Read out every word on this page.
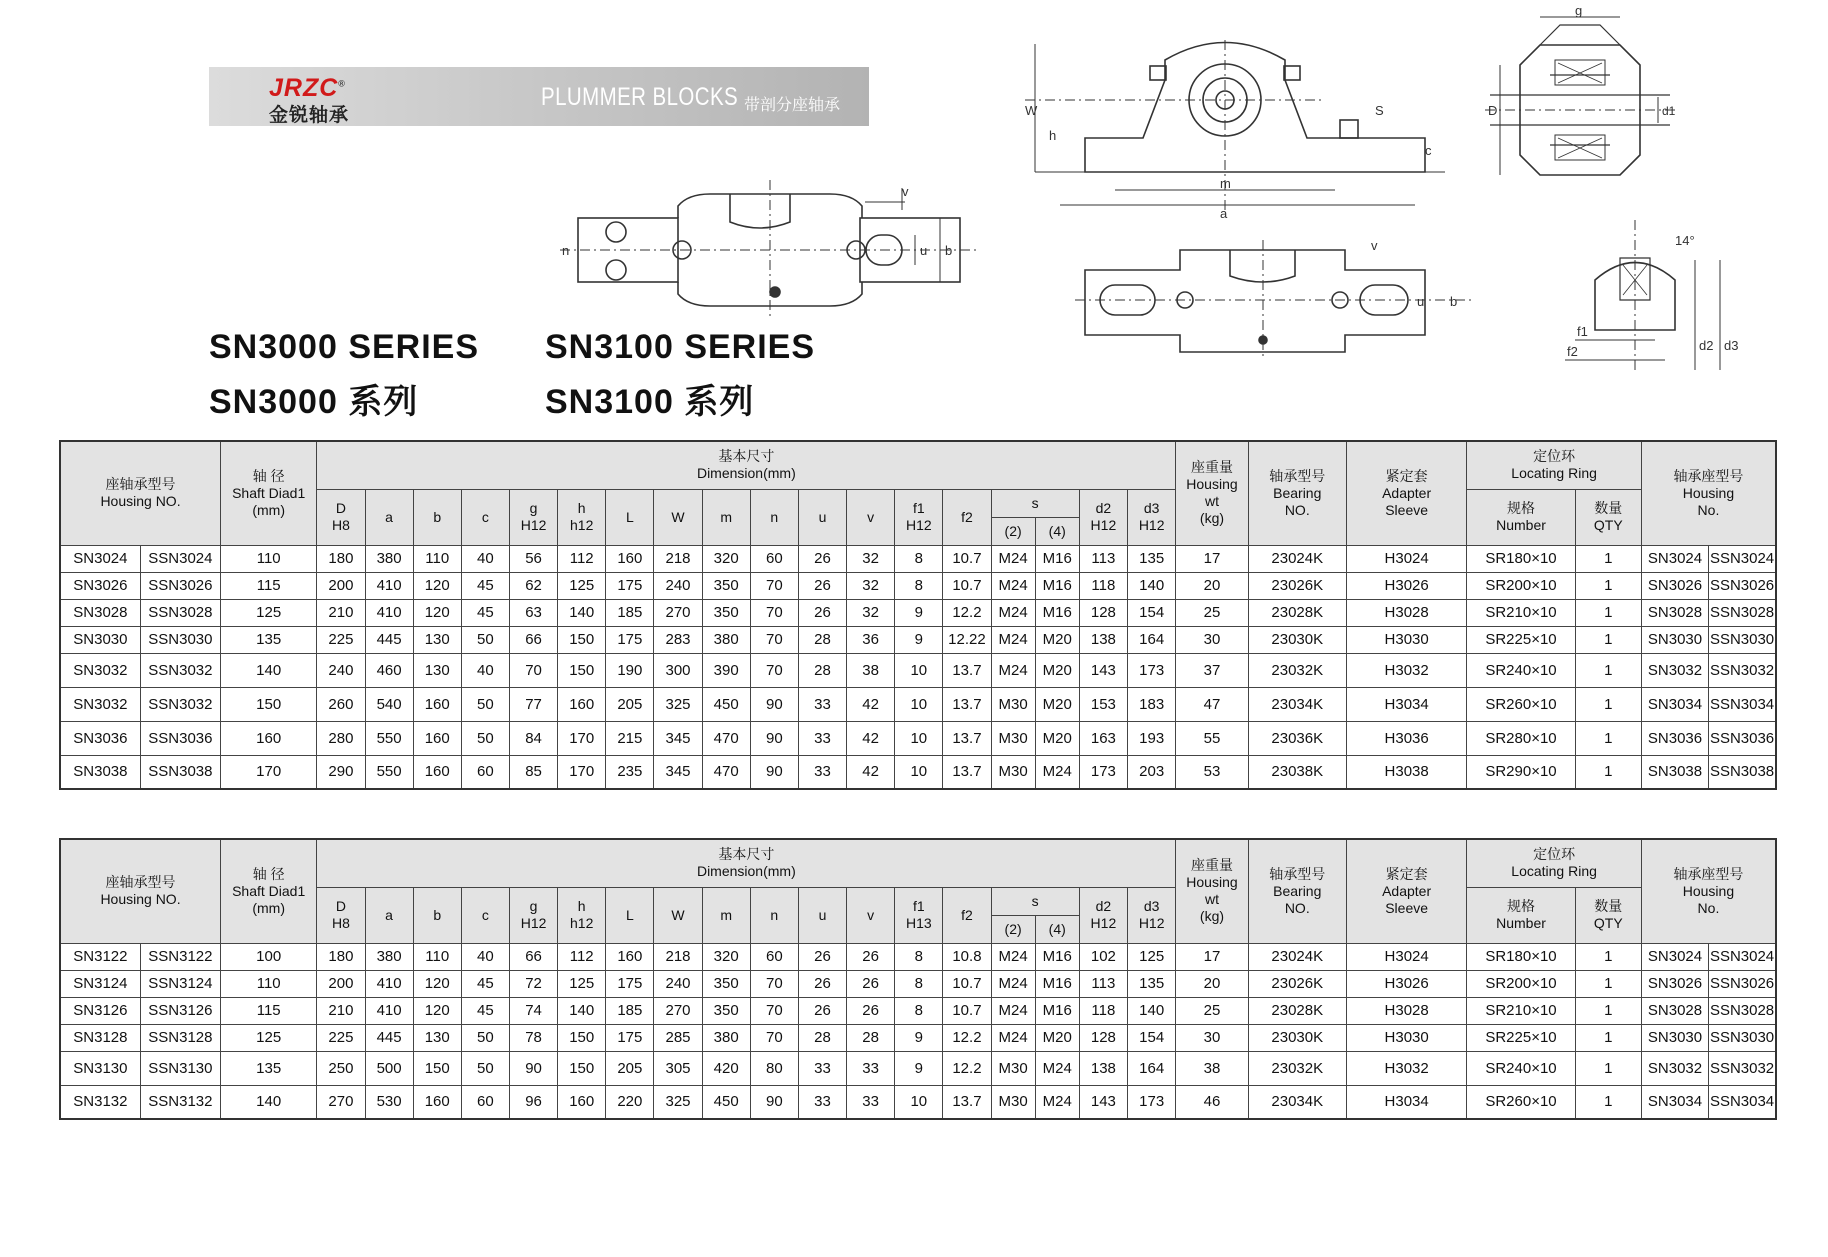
JRZC®
金锐轴承
PLUMMER BLOCKS 带剖分座轴承
SN3000 SERIES SN3100 SERIES
SN3000 系列	SN3100 系列
v
u b
n
W
h
S
c
m
a
g
D	d1
v
u b
14°
f1
f2	d2 d3
座轴承型号
Housing NO.		轴 径
Shaft Diad1
(mm)	基本尺寸
Dimension(mm)																		座重量
Housing
wt
(kg)	轴承型号
Bearing
NO.	紧定套
Adapter
Sleeve	定位环
Locating Ring		轴承座型号
Housing
No.	
			D
H8	a	b	c	g
H12	h
h12	L	W	m	n	u	v	f1
H12	f2	s		d2
H12	d3
H12				规格
Number	数量
QTY		
																	(2)	(4)									
SN3024	SSN3024	110	180	380	110	40	56	112	160	218	320	60	26	32	8	10.7	M24	M16	113	135	17	23024K	H3024	SR180×10	1	SN3024	SSN3024
SN3026	SSN3026	115	200	410	120	45	62	125	175	240	350	70	26	32	8	10.7	M24	M16	118	140	20	23026K	H3026	SR200×10	1	SN3026	SSN3026
SN3028	SSN3028	125	210	410	120	45	63	140	185	270	350	70	26	32	9	12.2	M24	M16	128	154	25	23028K	H3028	SR210×10	1	SN3028	SSN3028
SN3030	SSN3030	135	225	445	130	50	66	150	175	283	380	70	28	36	9	12.22	M24	M20	138	164	30	23030K	H3030	SR225×10	1	SN3030	SSN3030
SN3032	SSN3032	140	240	460	130	40	70	150	190	300	390	70	28	38	10	13.7	M24	M20	143	173	37	23032K	H3032	SR240×10	1	SN3032	SSN3032
SN3032	SSN3032	150	260	540	160	50	77	160	205	325	450	90	33	42	10	13.7	M30	M20	153	183	47	23034K	H3034	SR260×10	1	SN3034	SSN3034
SN3036	SSN3036	160	280	550	160	50	84	170	215	345	470	90	33	42	10	13.7	M30	M20	163	193	55	23036K	H3036	SR280×10	1	SN3036	SSN3036
SN3038	SSN3038	170	290	550	160	60	85	170	235	345	470	90	33	42	10	13.7	M30	M24	173	203	53	23038K	H3038	SR290×10	1	SN3038	SSN3038
座轴承型号
Housing NO.		轴 径
Shaft Diad1
(mm)	基本尺寸
Dimension(mm)																		座重量
Housing
wt
(kg)	轴承型号
Bearing
NO.	紧定套
Adapter
Sleeve	定位环
Locating Ring		轴承座型号
Housing
No.	
			D
H8	a	b	c	g
H12	h
h12	L	W	m	n	u	v	f1
H13	f2	s		d2
H12	d3
H12				规格
Number	数量
QTY		
																	(2)	(4)									
SN3122	SSN3122	100	180	380	110	40	66	112	160	218	320	60	26	26	8	10.8	M24	M16	102	125	17	23024K	H3024	SR180×10	1	SN3024	SSN3024
SN3124	SSN3124	110	200	410	120	45	72	125	175	240	350	70	26	26	8	10.7	M24	M16	113	135	20	23026K	H3026	SR200×10	1	SN3026	SSN3026
SN3126	SSN3126	115	210	410	120	45	74	140	185	270	350	70	26	26	8	10.7	M24	M16	118	140	25	23028K	H3028	SR210×10	1	SN3028	SSN3028
SN3128	SSN3128	125	225	445	130	50	78	150	175	285	380	70	28	28	9	12.2	M24	M20	128	154	30	23030K	H3030	SR225×10	1	SN3030	SSN3030
SN3130	SSN3130	135	250	500	150	50	90	150	205	305	420	80	33	33	9	12.2	M30	M24	138	164	38	23032K	H3032	SR240×10	1	SN3032	SSN3032
SN3132	SSN3132	140	270	530	160	60	96	160	220	325	450	90	33	33	10	13.7	M30	M24	143	173	46	23034K	H3034	SR260×10	1	SN3034	SSN3034
